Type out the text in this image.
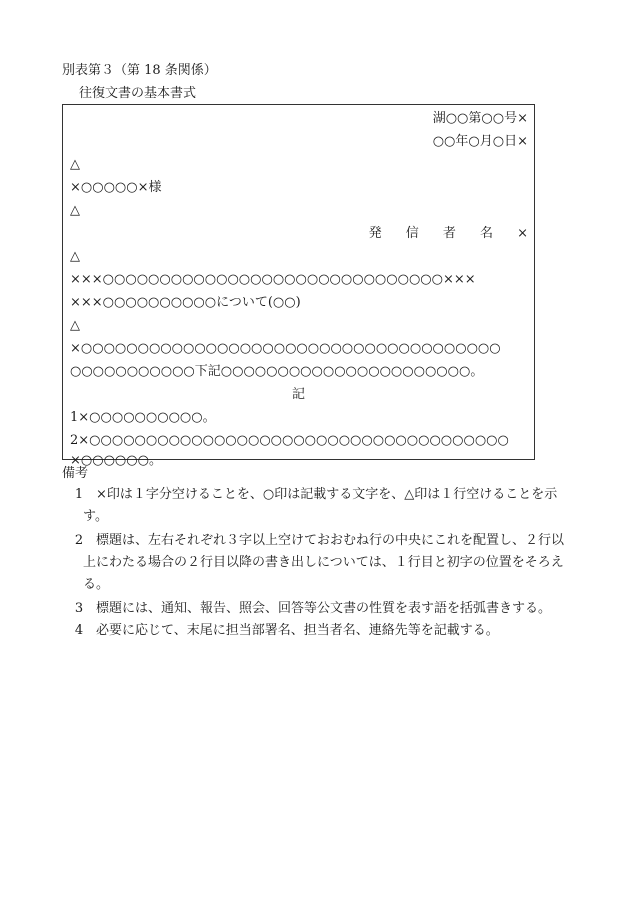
別表第３（第 18 条関係）
往復文書の基本書式
湖○○第○○号×
○○年○月○日×
△
×○○○○○×様
△
発 信 者 名 ×
△
×××○○○○○○○○○○○○○○○○○○○○○○○○○○○○○○×××
×××○○○○○○○○○○について(○○)
△
×○○○○○○○○○○○○○○○○○○○○○○○○○○○○○○○○○○○○○
○○○○○○○○○○○下記○○○○○○○○○○○○○○○○○○○○○○。
記
1×○○○○○○○○○○。
2×○○○○○○○○○○○○○○○○○○○○○○○○○○○○○○○○○○○○○
×○○○○○○。
備考
1 ×印は１字分空けることを、○印は記載する文字を、△印は１行空けることを示
す。
2 標題は、左右それぞれ３字以上空けておおむね行の中央にこれを配置し、２行以
上にわたる場合の２行目以降の書き出しについては、１行目と初字の位置をそろえ
る。
3 標題には、通知、報告、照会、回答等公文書の性質を表す語を括弧書きする。
4 必要に応じて、末尾に担当部署名、担当者名、連絡先等を記載する。
